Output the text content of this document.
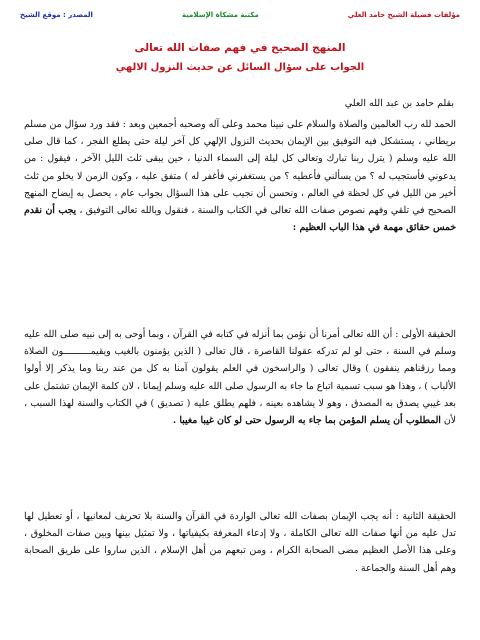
مؤلفات فضيلة الشيخ حامد العلي
مكتبة مشكاة الإسلامية
المصدر : موقع الشيخ
المنهج الصحيح في فهم صفات الله تعالى
الجواب على سؤال السائل عن حديث النزول الالهي
بقلم حامد بن عبد الله العلي

الحمد لله رب العالمين والصلاة والسلام على نبينا محمد وعلى آله وصحبه أجمعين وبعد : فقد ورد سؤال من مسلم بريطاني ، يستشكل فيه التوفيق بين الإيمان بحديث النزول الإلهي كل آخر ليلة حتى يطلع الفجر ، كما قال صلى الله عليه وسلم ( يترل ربنا تبارك وتعالى كل ليلة إلى السماء الدنيا ، حين يبقى ثلث الليل الآخر ، فيقول : من يدعوني فأستجيب له ؟ من يسألني فأعطيه ؟ من يستغفرني فأغفر له ) متفق عليه ، وكون الزمن لا يخلو من ثلث أخير من الليل في كل لحظة في العالم ، ونحسن أن نجيب على هذا السؤال بجواب عام ، يحصل به إيضاح المنهج الصحيح في تلقي وفهم نصوص صفات الله تعالى في الكتاب والسنة ، فنقول وبالله تعالى التوفيق ، يجب أن نقدم خمس حقائق مهمة في هذا الباب العظيم :

الحقيقة الأولى : أن الله تعالى أمرنا أن نؤمن بما أنزله في كتابه في القرآن ، وبما أوحى به إلى نبيه صلى الله عليه وسلم في السنة ، حتى لو لم تدركه عقولنا القاصرة ، قال تعالى ( الذين يؤمنون بالغيب ويقيمــــــــــون الصلاة ومما رزقناهم ينفقون ) وقال تعالى ( والراسخون في العلم يقولون آمنا به كل من عند ربنا وما يذكر إلا أولوا الألباب ) ، وهذا هو سبب تسمية اتباع ما جاء به الرسول صلى الله عليه وسلم إيمانا ، لان كلمة الإيمان تشتمل على بعد غيبي يصدق به المصدق ، وهو لا يشاهده بعينه ، فلهم يطلق عليه ( تصديق ) في الكتاب والسنة لهذا السبب ، لأن المطلوب أن يسلم المؤمن بما جاء به الرسول حتى لو كان غيبا مغيبا .

الحقيقة الثانية : أنه يجب الإيمان بصفات الله تعالى الواردة في القرآن والسنة بلا تحريف لمعانيها ، أو تعطيل لها تدل عليه من أنها صفات الله تعالى الكاملة ، ولا إدعاء المعرفة بكيفياتها ، ولا تمثيل بينها وبين صفات المخلوق ، وعلى هذا الأصل العظيم مضى الصحابة الكرام ، ومن تبعهم من أهل الإسلام ، الذين ساروا على طريق الصحابة وهم أهل السنة والجماعة .
